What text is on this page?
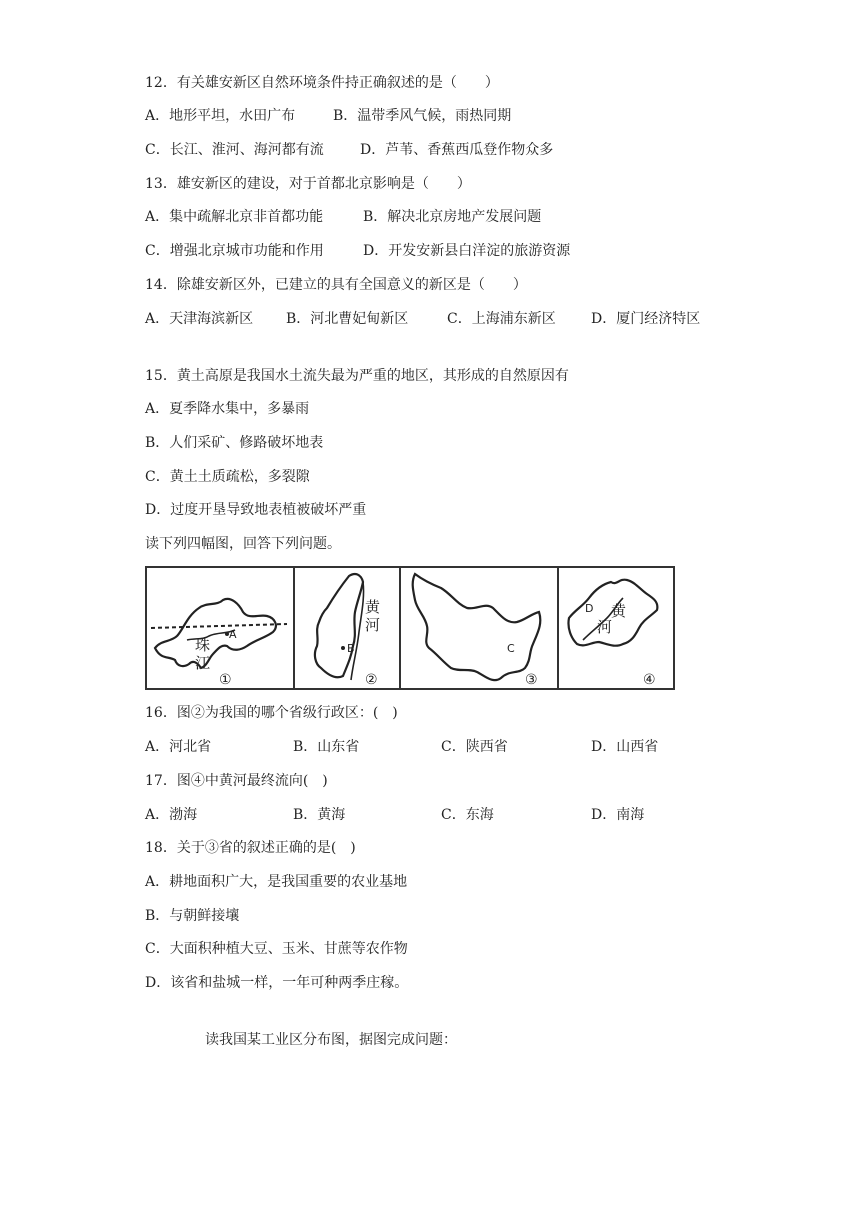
12．有关雄安新区自然环境条件持正确叙述的是（　　）
A．地形平坦，水田广布	B．温带季风气候，雨热同期
C．长江、淮河、海河都有流	D．芦苇、香蕉西瓜登作物众多
13．雄安新区的建设，对于首都北京影响是（　　）
A．集中疏解北京非首都功能	B．解决北京房地产发展问题
C．增强北京城市功能和作用	D．开发安新县白洋淀的旅游资源
14．除雄安新区外，已建立的具有全国意义的新区是（　　）
A．天津海滨新区 B．河北曹妃甸新区	C．上海浦东新区	D．厦门经济特区
15．黄土高原是我国水土流失最为严重的地区，其形成的自然原因有
A．夏季降水集中，多暴雨
B．人们采矿、修路破坏地表
C．黄土土质疏松，多裂隙
D．过度开垦导致地表植被破坏严重
读下列四幅图，回答下列问题。
珠
江
A
①
黄
河
B
②
C
③
D 黄
河
④
16．图②为我国的哪个省级行政区：(　)
A．河北省	B．山东省	C．陕西省	D．山西省
17．图④中黄河最终流向(　)
A．渤海	B．黄海	C．东海	D．南海
18．关于③省的叙述正确的是(　)
A．耕地面积广大，是我国重要的农业基地
B．与朝鲜接壤
C．大面积种植大豆、玉米、甘蔗等农作物
D．该省和盐城一样，一年可种两季庄稼。
读我国某工业区分布图，据图完成问题：
